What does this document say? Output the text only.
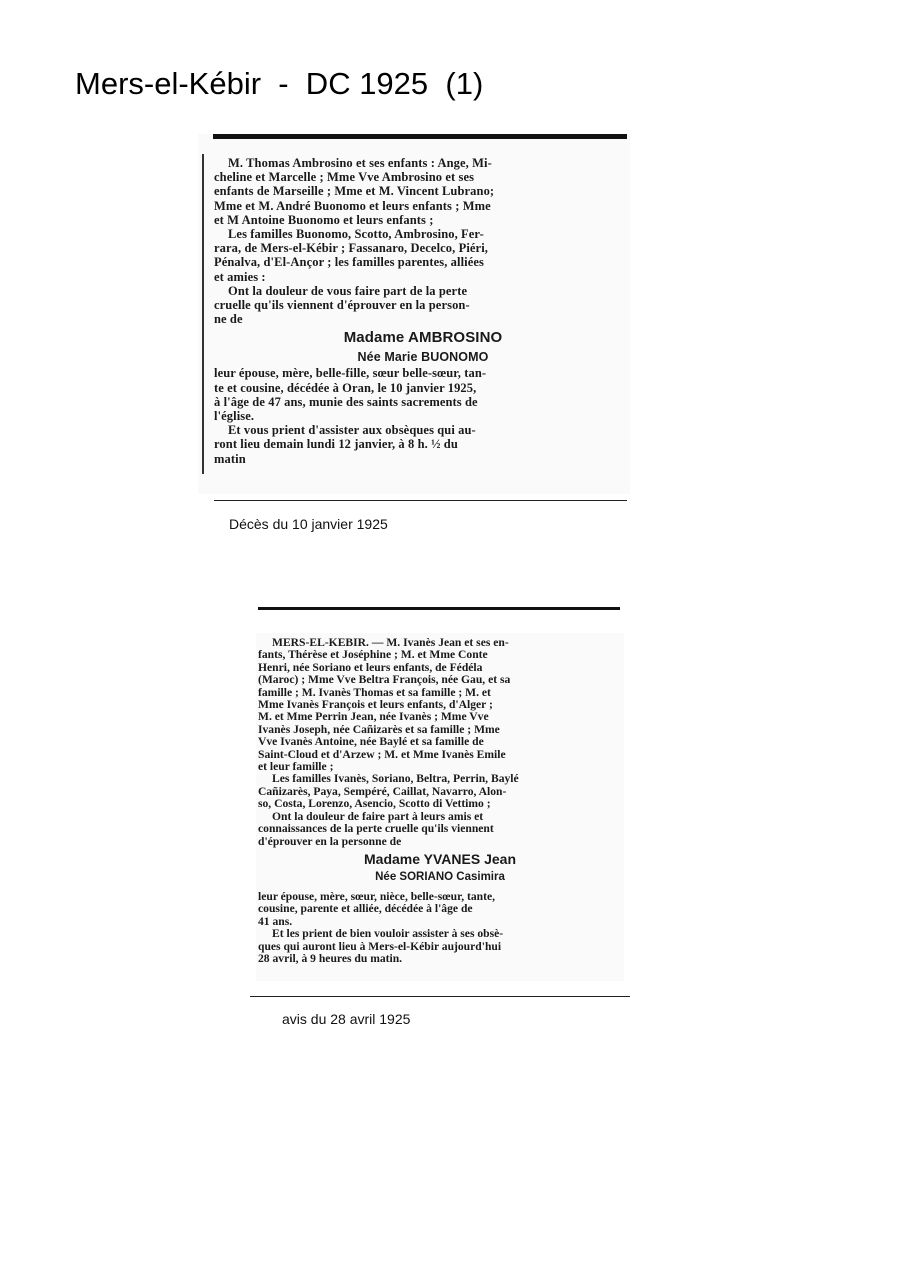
Mers-el-Kébir  -  DC 1925  (1)
M. Thomas Ambrosino et ses enfants : Ange, Mi-
cheline et Marcelle ; Mme Vve Ambrosino et ses
enfants de Marseille ; Mme et M. Vincent Lubrano;
Mme et M. André Buonomo et leurs enfants ; Mme
et M Antoine Buonomo et leurs enfants ;
Les familles Buonomo, Scotto, Ambrosino, Fer-
rara, de Mers-el-Kébir ; Fassanaro, Decelco, Piéri,
Pénalva, d'El-Ançor ; les familles parentes, alliées
et amies :
Ont la douleur de vous faire part de la perte
cruelle qu'ils viennent d'éprouver en la person-
ne de
Madame AMBROSINO
Née Marie BUONOMO
leur épouse, mère, belle-fille, sœur belle-sœur, tan-
te et cousine, décédée à Oran, le 10 janvier 1925,
à l'âge de 47 ans, munie des saints sacrements de
l'église.
Et vous prient d'assister aux obsèques qui au-
ront lieu demain lundi 12 janvier, à 8 h. ½ du
matin
Décès du 10 janvier 1925
MERS-EL-KEBIR. — M. Ivanès Jean et ses en-
fants, Thérèse et Joséphine ; M. et Mme Conte
Henri, née Soriano et leurs enfants, de Fédéla
(Maroc) ; Mme Vve Beltra François, née Gau, et sa
famille ; M. Ivanès Thomas et sa famille ; M. et
Mme Ivanès François et leurs enfants, d'Alger ;
M. et Mme Perrin Jean, née Ivanès ; Mme Vve
Ivanès Joseph, née Cañizarès et sa famille ; Mme
Vve Ivanès Antoine, née Baylé et sa famille de
Saint-Cloud et d'Arzew ; M. et Mme Ivanès Emile
et leur famille ;
Les familles Ivanès, Soriano, Beltra, Perrin, Baylé
Cañizarès, Paya, Sempéré, Caillat, Navarro, Alon-
so, Costa, Lorenzo, Asencio, Scotto di Vettimo ;
Ont la douleur de faire part à leurs amis et
connaissances de la perte cruelle qu'ils viennent
d'éprouver en la personne de
Madame YVANES Jean
Née SORIANO Casimira
leur épouse, mère, sœur, nièce, belle-sœur, tante,
cousine, parente et alliée, décédée à l'âge de
41 ans.
Et les prient de bien vouloir assister à ses obsè-
ques qui auront lieu à Mers-el-Kébir aujourd'hui
28 avril, à 9 heures du matin.
avis du 28 avril 1925
